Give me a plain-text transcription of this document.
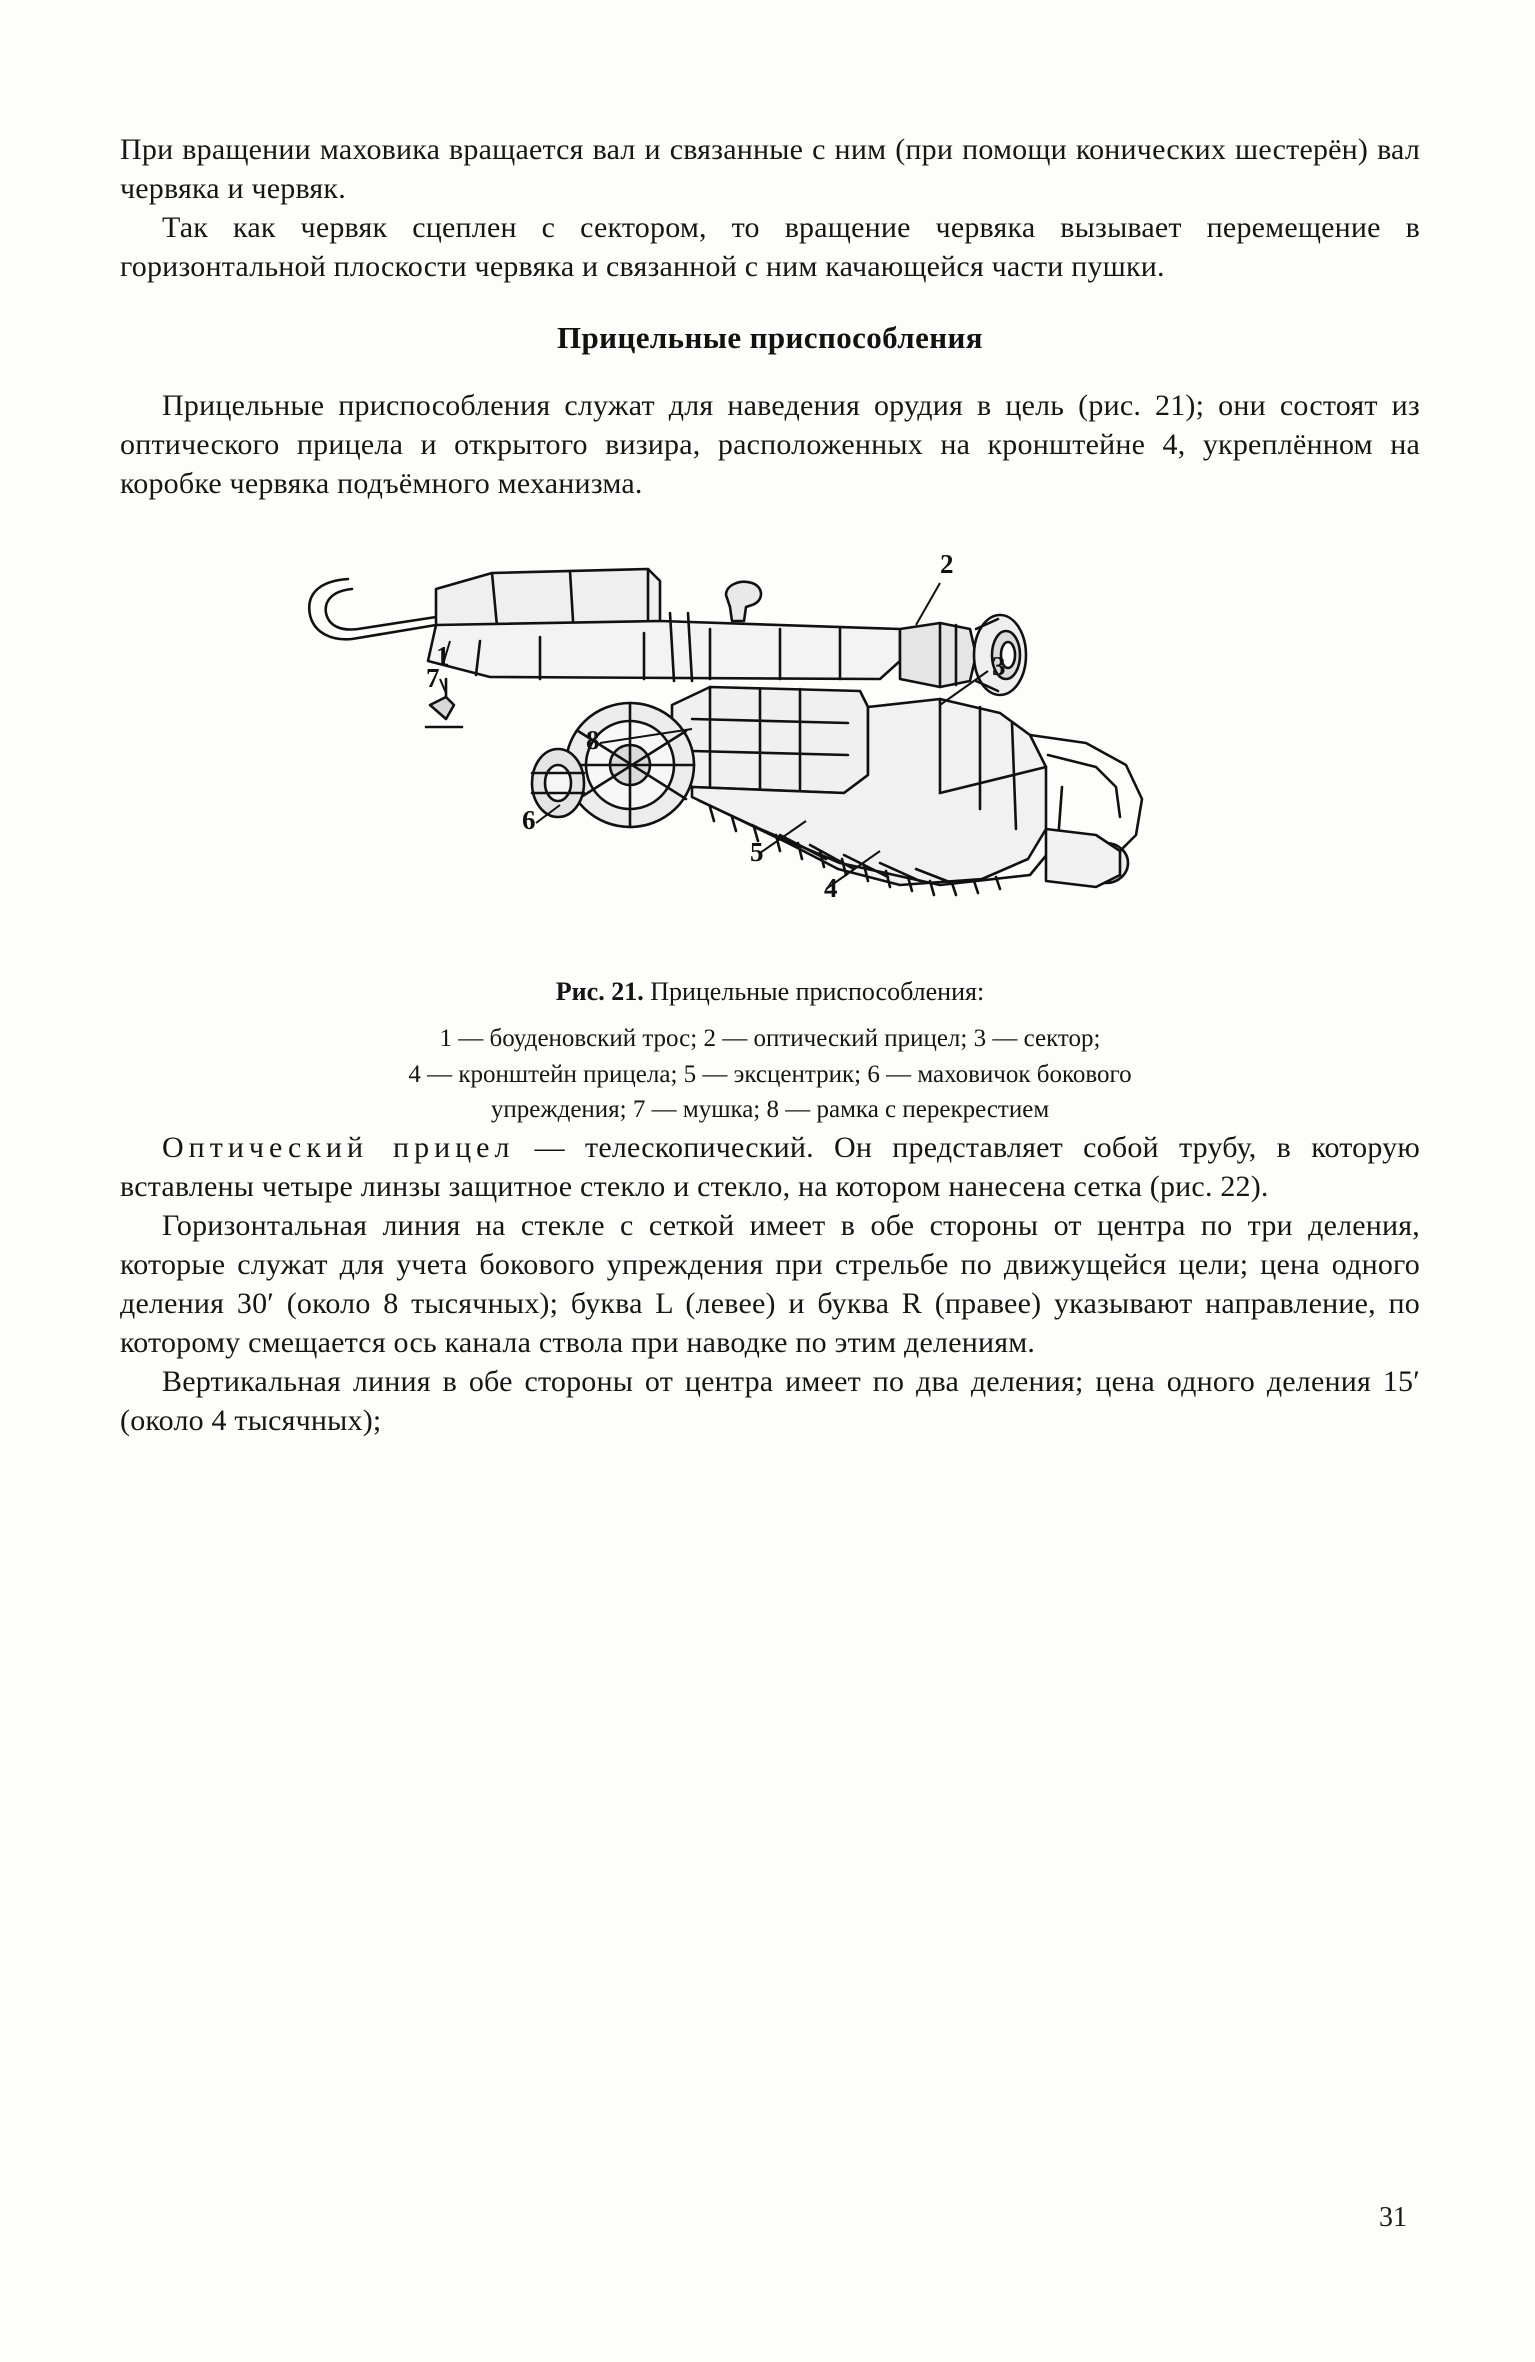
При вращении маховика вращается вал и связанные с ним (при помощи конических шестерён) вал червяка и червяк.

Так как червяк сцеплен с сектором, то вращение червяка вызывает перемещение в горизонтальной плоскости червяка и связанной с ним качающейся части пушки.

Прицельные приспособления

Прицельные приспособления служат для наведения орудия в цель (рис. 21); они состоят из оптического прицела и открытого визира, расположенных на кронштейне 4, укреплённом на коробке червяка подъёмного механизма.

1
2
3
4
5
6
7
8

Рис. 21. Прицельные приспособления:

1 — боуденовский трос; 2 — оптический прицел; 3 — сектор;
4 — кронштейн прицела; 5 — эксцентрик; 6 — маховичок бокового
упреждения; 7 — мушка; 8 — рамка с перекрестием

Оптический прицел — телескопический. Он представляет собой трубу, в которую вставлены четыре линзы защитное стекло и стекло, на котором нанесена сетка (рис. 22).

Горизонтальная линия на стекле с сеткой имеет в обе стороны от центра по три деления, которые служат для учета бокового упреждения при стрельбе по движущейся цели; цена одного деления 30′ (около 8 тысячных); буква L (левее) и буква R (правее) указывают направление, по которому смещается ось канала ствола при наводке по этим делениям.

Вертикальная линия в обе стороны от центра имеет по два деления; цена одного деления 15′ (около 4 тысячных);

31
